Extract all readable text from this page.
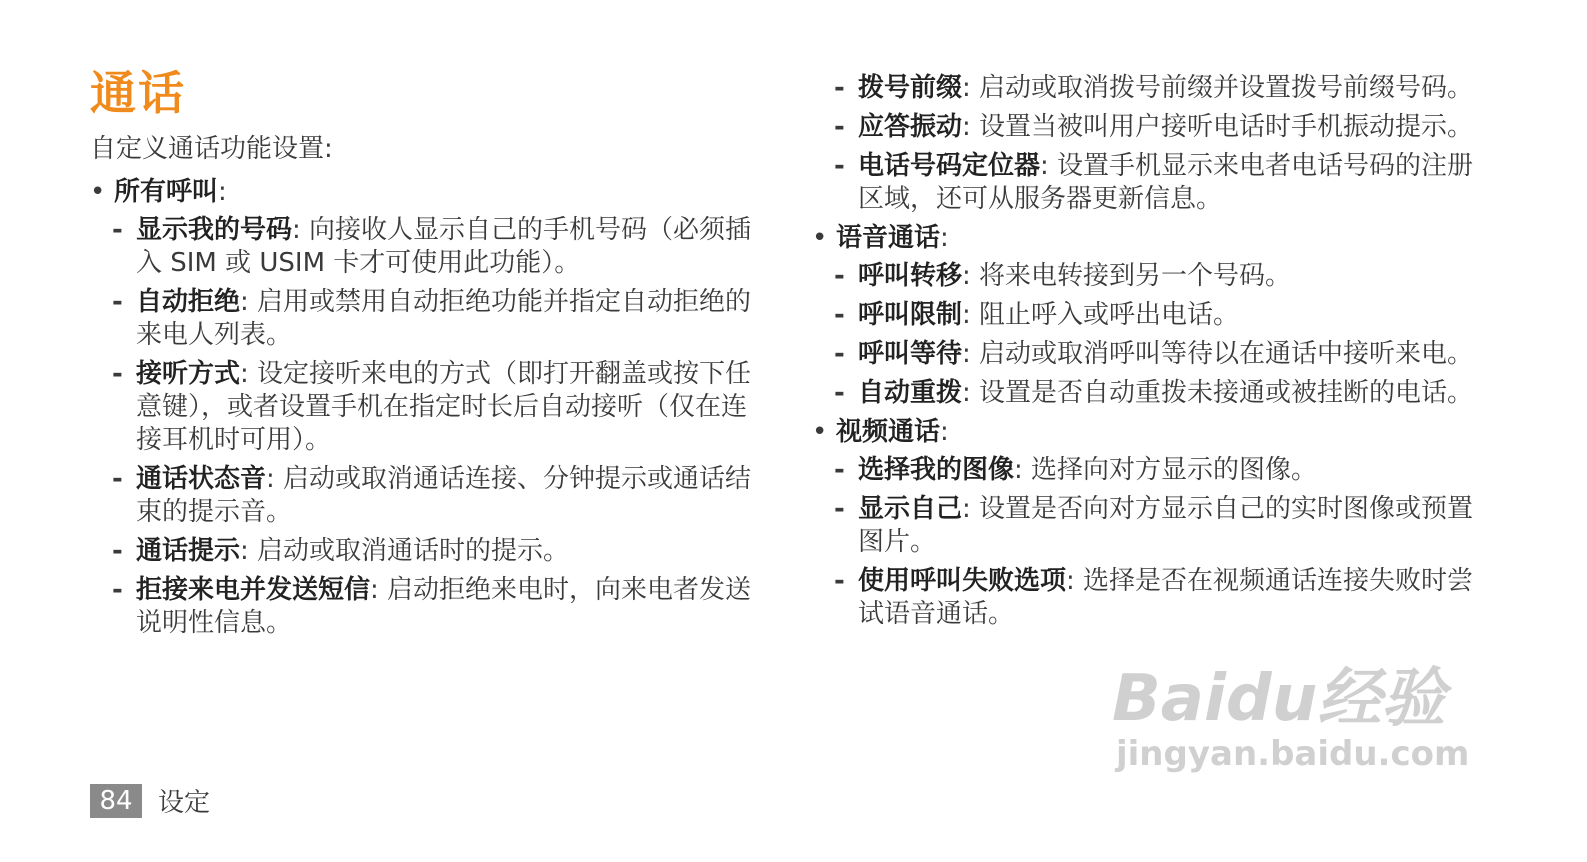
通话
自定义通话功能设置:
• 所有呼叫:
- 显示我的号码: 向接收人显示自己的手机号码（必须插入 SIM 或 USIM 卡才可使用此功能）。
- 自动拒绝: 启用或禁用自动拒绝功能并指定自动拒绝的来电人列表。
- 接听方式: 设定接听来电的方式（即打开翻盖或按下任意键），或者设置手机在指定时长后自动接听（仅在连接耳机时可用）。
- 通话状态音: 启动或取消通话连接、分钟提示或通话结束的提示音。
- 通话提示: 启动或取消通话时的提示。
- 拒接来电并发送短信: 启动拒绝来电时，向来电者发送说明性信息。
- 拨号前缀: 启动或取消拨号前缀并设置拨号前缀号码。
- 应答振动: 设置当被叫用户接听电话时手机振动提示。
- 电话号码定位器: 设置手机显示来电者电话号码的注册区域，还可从服务器更新信息。
• 语音通话:
- 呼叫转移: 将来电转接到另一个号码。
- 呼叫限制: 阻止呼入或呼出电话。
- 呼叫等待: 启动或取消呼叫等待以在通话中接听来电。
- 自动重拨: 设置是否自动重拨未接通或被挂断的电话。
• 视频通话:
- 选择我的图像: 选择向对方显示的图像。
- 显示自己: 设置是否向对方显示自己的实时图像或预置图片。
- 使用呼叫失败选项: 选择是否在视频通话连接失败时尝试语音通话。
84 设定
Baidu经验
jingyan.baidu.com
